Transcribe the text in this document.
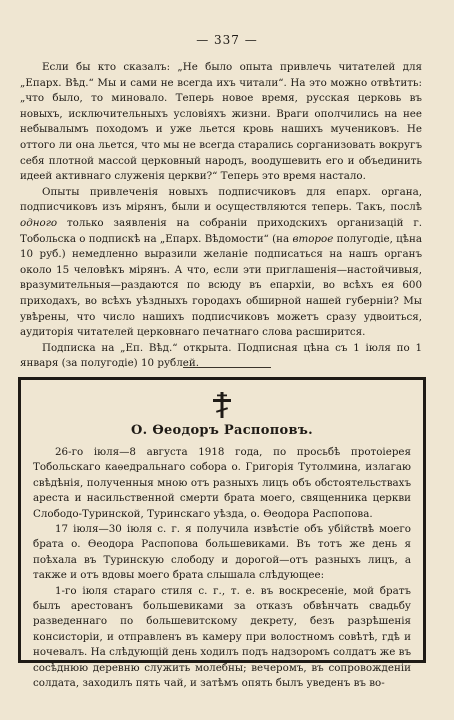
— 337 —

Если бы кто сказалъ: „Не было опыта привлечь читателей для „Епарх. Вѣд.“ Мы и сами не всегда ихъ читали“. На это можно отвѣтить: „что было, то миновало. Теперь новое время, русская церковь въ новыхъ, исключительныхъ условіяхъ жизни. Враги ополчились на нее небывалымъ походомъ и уже льется кровь нашихъ мучениковъ. Не оттого ли она льется, что мы не всегда старались сорганизовать вокругъ себя плотной массой церковный народъ, воодушевить его и объединить идеей активнаго служенія церкви?“ Теперь это время настало.

Опыты привлеченія новыхъ подписчиковъ для епарх. органа, подписчиковъ изъ мірянъ, были и осуществляются теперь. Такъ, послѣ одного только заявленія на собраніи приходскихъ организацій г. Тобольска о подпискѣ на „Епарх. Вѣдомости“ (на второе полугодіе, цѣна 10 руб.) немедленно выразили желаніе подписаться на нашъ органъ около 15 человѣкъ мірянъ. А что, если эти приглашенія—настойчивыя, вразумительныя—раздаются по всюду въ епархіи, во всѣхъ ея 600 приходахъ, во всѣхъ уѣздныхъ городахъ обширной нашей губерніи? Мы увѣрены, что число нашихъ подписчиковъ можетъ сразу удвоиться, аудиторія читателей церковнаго печатнаго слова расширится.

Подписка на „Еп. Вѣд.“ открыта. Подписная цѣна съ 1 іюля по 1 января (за полугодіе) 10 рублей.

О. Ѳеодоръ Распоповъ.

26-го іюля—8 августа 1918 года, по просьбѣ протоіерея Тобольскаго каѳедральнаго собора о. Григорія Тутолмина, излагаю свѣдѣнія, полученныя мною отъ разныхъ лицъ объ обстоятельствахъ ареста и насильственной смерти брата моего, священника церкви Слободо-Туринской, Туринскаго уѣзда, о. Ѳеодора Распопова.

17 іюля—30 іюля с. г. я получила извѣстіе объ убійствѣ моего брата о. Ѳеодора Распопова большевиками. Въ тотъ же день я поѣхала въ Туринскую слободу и дорогой—отъ разныхъ лицъ, а также и отъ вдовы моего брата слышала слѣдующее:

1-го іюля стараго стиля с. г., т. е. въ воскресеніе, мой братъ былъ арестованъ большевиками за отказъ обвѣнчать свадьбу разведеннаго по большевитскому декрету, безъ разрѣшенія консисторіи, и отправленъ въ камеру при волостномъ совѣтѣ, гдѣ и ночевалъ. На слѣдующій день ходилъ подъ надзоромъ солдатъ же въ сосѣднюю деревню служить молебны; вечеромъ, въ сопровожденіи солдата, заходилъ пять чай, и затѣмъ опять былъ уведенъ въ во-
